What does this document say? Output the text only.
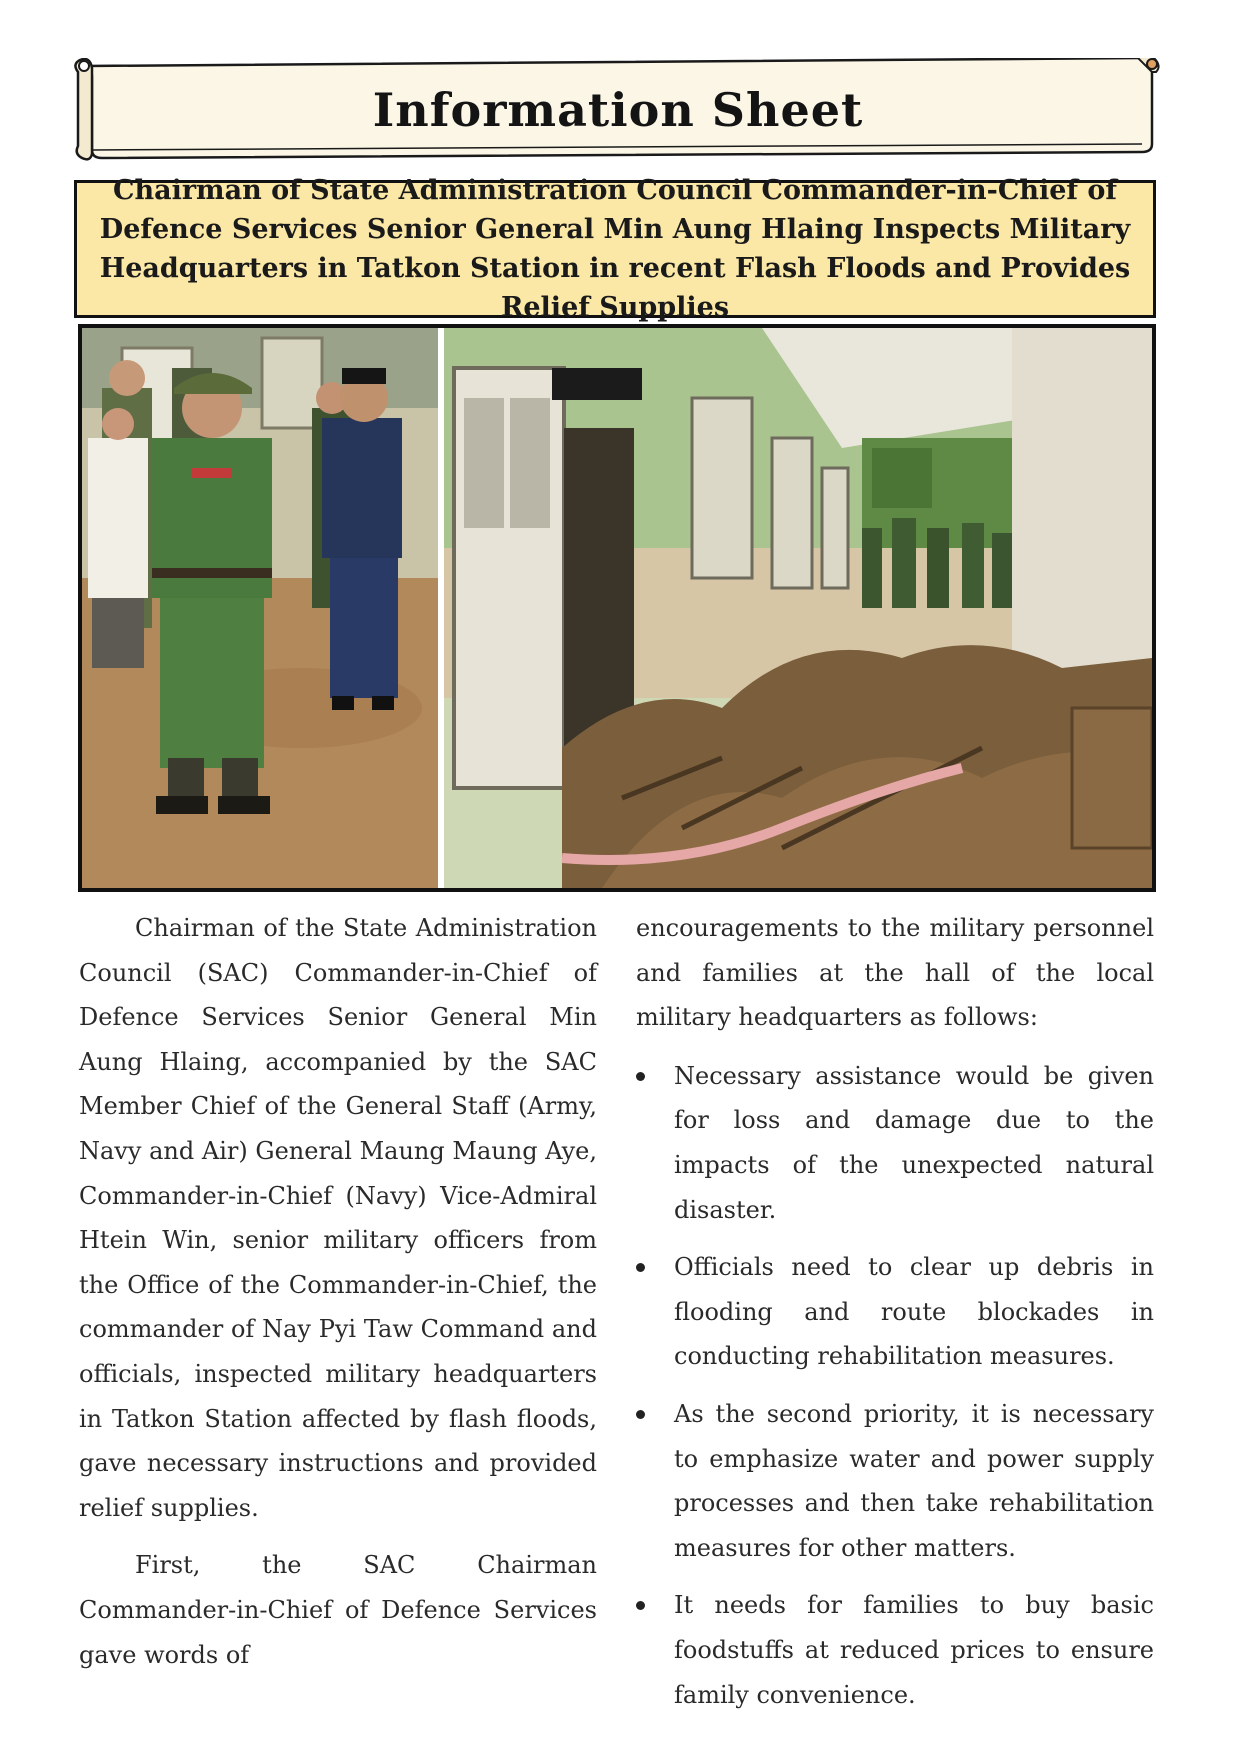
Information Sheet
Chairman of State Administration Council Commander-in-Chief of Defence Services Senior General Min Aung Hlaing Inspects Military Headquarters in Tatkon Station in recent Flash Floods and Provides Relief Supplies

Chairman of the State Administration Council (SAC) Commander-in-Chief of Defence Services Senior General Min Aung Hlaing, accompanied by the SAC Member Chief of the General Staff (Army, Navy and Air) General Maung Maung Aye, Commander-in-Chief (Navy) Vice-Admiral Htein Win, senior military officers from the Office of the Commander-in-Chief, the commander of Nay Pyi Taw Command and officials, inspected military headquarters in Tatkon Station affected by flash floods, gave necessary instructions and provided relief supplies.

First, the SAC Chairman Commander-in-Chief of Defence Services gave words of

encouragements to the military personnel and families at the hall of the local military headquarters as follows:

Necessary assistance would be given for loss and damage due to the impacts of the unexpected natural disaster.
Officials need to clear up debris in flooding and route blockades in conducting rehabilitation measures.
As the second priority, it is necessary to emphasize water and power supply processes and then take rehabilitation measures for other matters.
It needs for families to buy basic foodstuffs at reduced prices to ensure family convenience.
